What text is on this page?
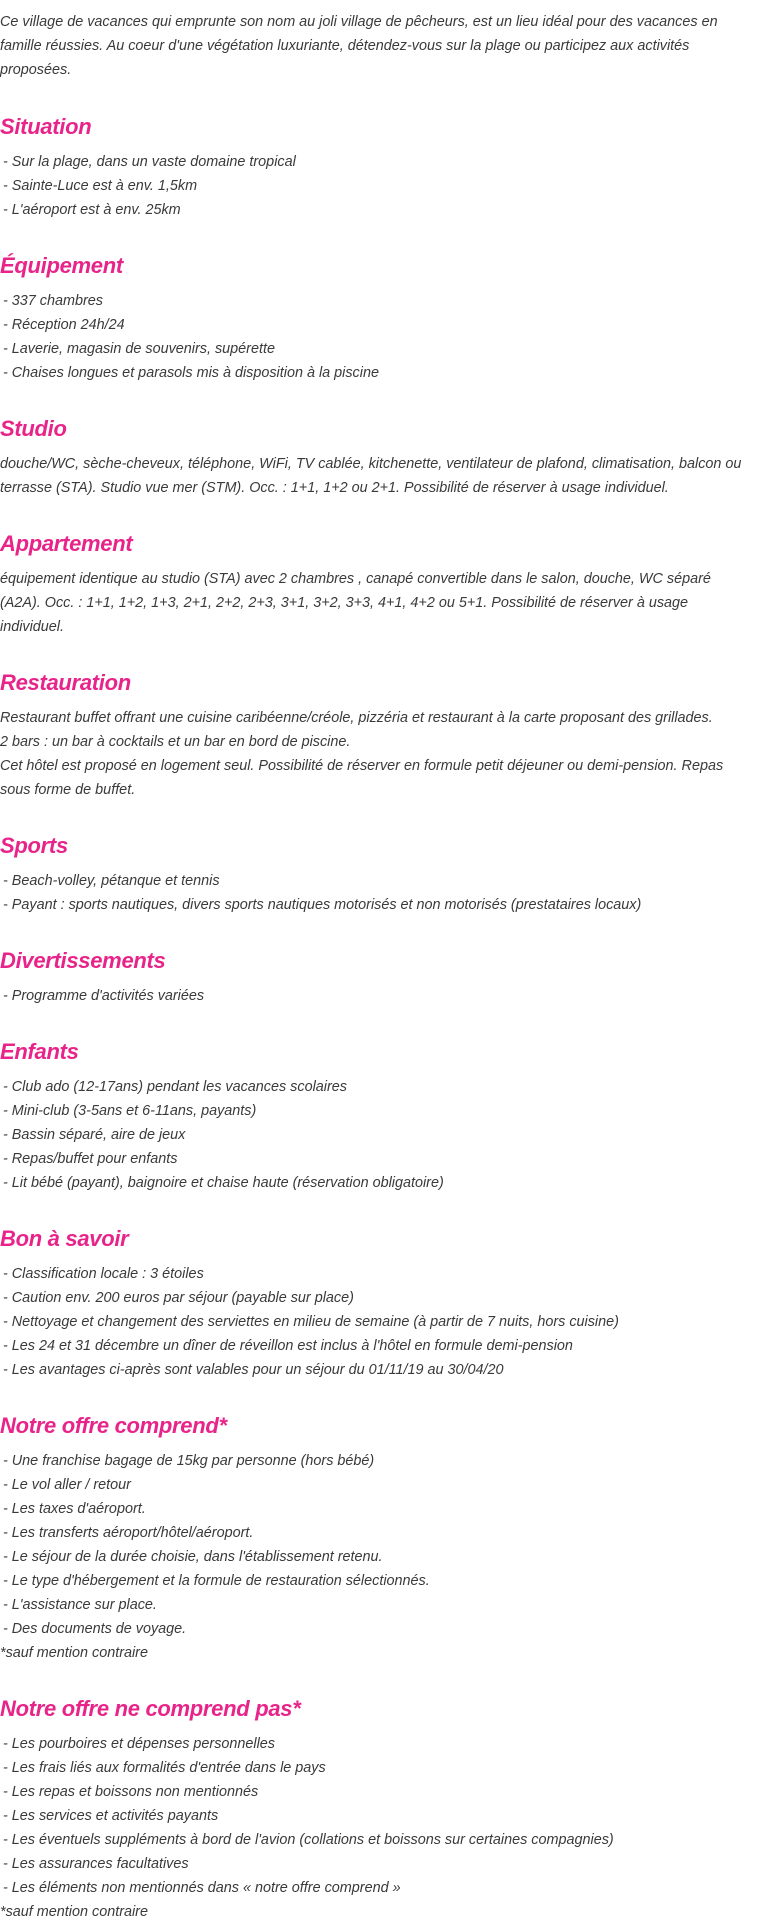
Ce village de vacances qui emprunte son nom au joli village de pêcheurs, est un lieu idéal pour des vacances en famille réussies. Au coeur d'une végétation luxuriante, détendez-vous sur la plage ou participez aux activités proposées.
Situation
- Sur la plage, dans un vaste domaine tropical
- Sainte-Luce est à env. 1,5km
- L'aéroport est à env. 25km
Équipement
- 337 chambres
- Réception 24h/24
- Laverie, magasin de souvenirs, supérette
- Chaises longues et parasols mis à disposition à la piscine
Studio
douche/WC, sèche-cheveux, téléphone, WiFi, TV cablée, kitchenette, ventilateur de plafond, climatisation, balcon ou terrasse (STA). Studio vue mer (STM). Occ. : 1+1, 1+2 ou 2+1. Possibilité de réserver à usage individuel.
Appartement
équipement identique au studio (STA) avec 2 chambres , canapé convertible dans le salon, douche, WC séparé (A2A). Occ. : 1+1, 1+2, 1+3, 2+1, 2+2, 2+3, 3+1, 3+2, 3+3, 4+1, 4+2 ou 5+1. Possibilité de réserver à usage individuel.
Restauration
Restaurant buffet offrant une cuisine caribéenne/créole, pizzéria et restaurant à la carte proposant des grillades.
2 bars : un bar à cocktails et un bar en bord de piscine.
Cet hôtel est proposé en logement seul. Possibilité de réserver en formule petit déjeuner ou demi-pension. Repas sous forme de buffet.
Sports
- Beach-volley, pétanque et tennis
- Payant : sports nautiques, divers sports nautiques motorisés et non motorisés (prestataires locaux)
Divertissements
- Programme d'activités variées
Enfants
- Club ado (12-17ans) pendant les vacances scolaires
- Mini-club (3-5ans et 6-11ans, payants)
- Bassin séparé, aire de jeux
- Repas/buffet pour enfants
- Lit bébé (payant), baignoire et chaise haute (réservation obligatoire)
Bon à savoir
- Classification locale : 3 étoiles
- Caution env. 200 euros par séjour (payable sur place)
- Nettoyage et changement des serviettes en milieu de semaine (à partir de 7 nuits, hors cuisine)
- Les 24 et 31 décembre un dîner de réveillon est inclus à l'hôtel en formule demi-pension
- Les avantages ci-après sont valables pour un séjour du 01/11/19 au 30/04/20
Notre offre comprend*
- Une franchise bagage de 15kg par personne (hors bébé)
- Le vol aller / retour
- Les taxes d'aéroport.
- Les transferts aéroport/hôtel/aéroport.
- Le séjour de la durée choisie, dans l'établissement retenu.
- Le type d'hébergement et la formule de restauration sélectionnés.
- L'assistance sur place.
- Des documents de voyage.
*sauf mention contraire
Notre offre ne comprend pas*
- Les pourboires et dépenses personnelles
- Les frais liés aux formalités d'entrée dans le pays
- Les repas et boissons non mentionnés
- Les services et activités payants
- Les éventuels suppléments à bord de l'avion (collations et boissons sur certaines compagnies)
- Les assurances facultatives
- Les éléments non mentionnés dans « notre offre comprend »
*sauf mention contraire
